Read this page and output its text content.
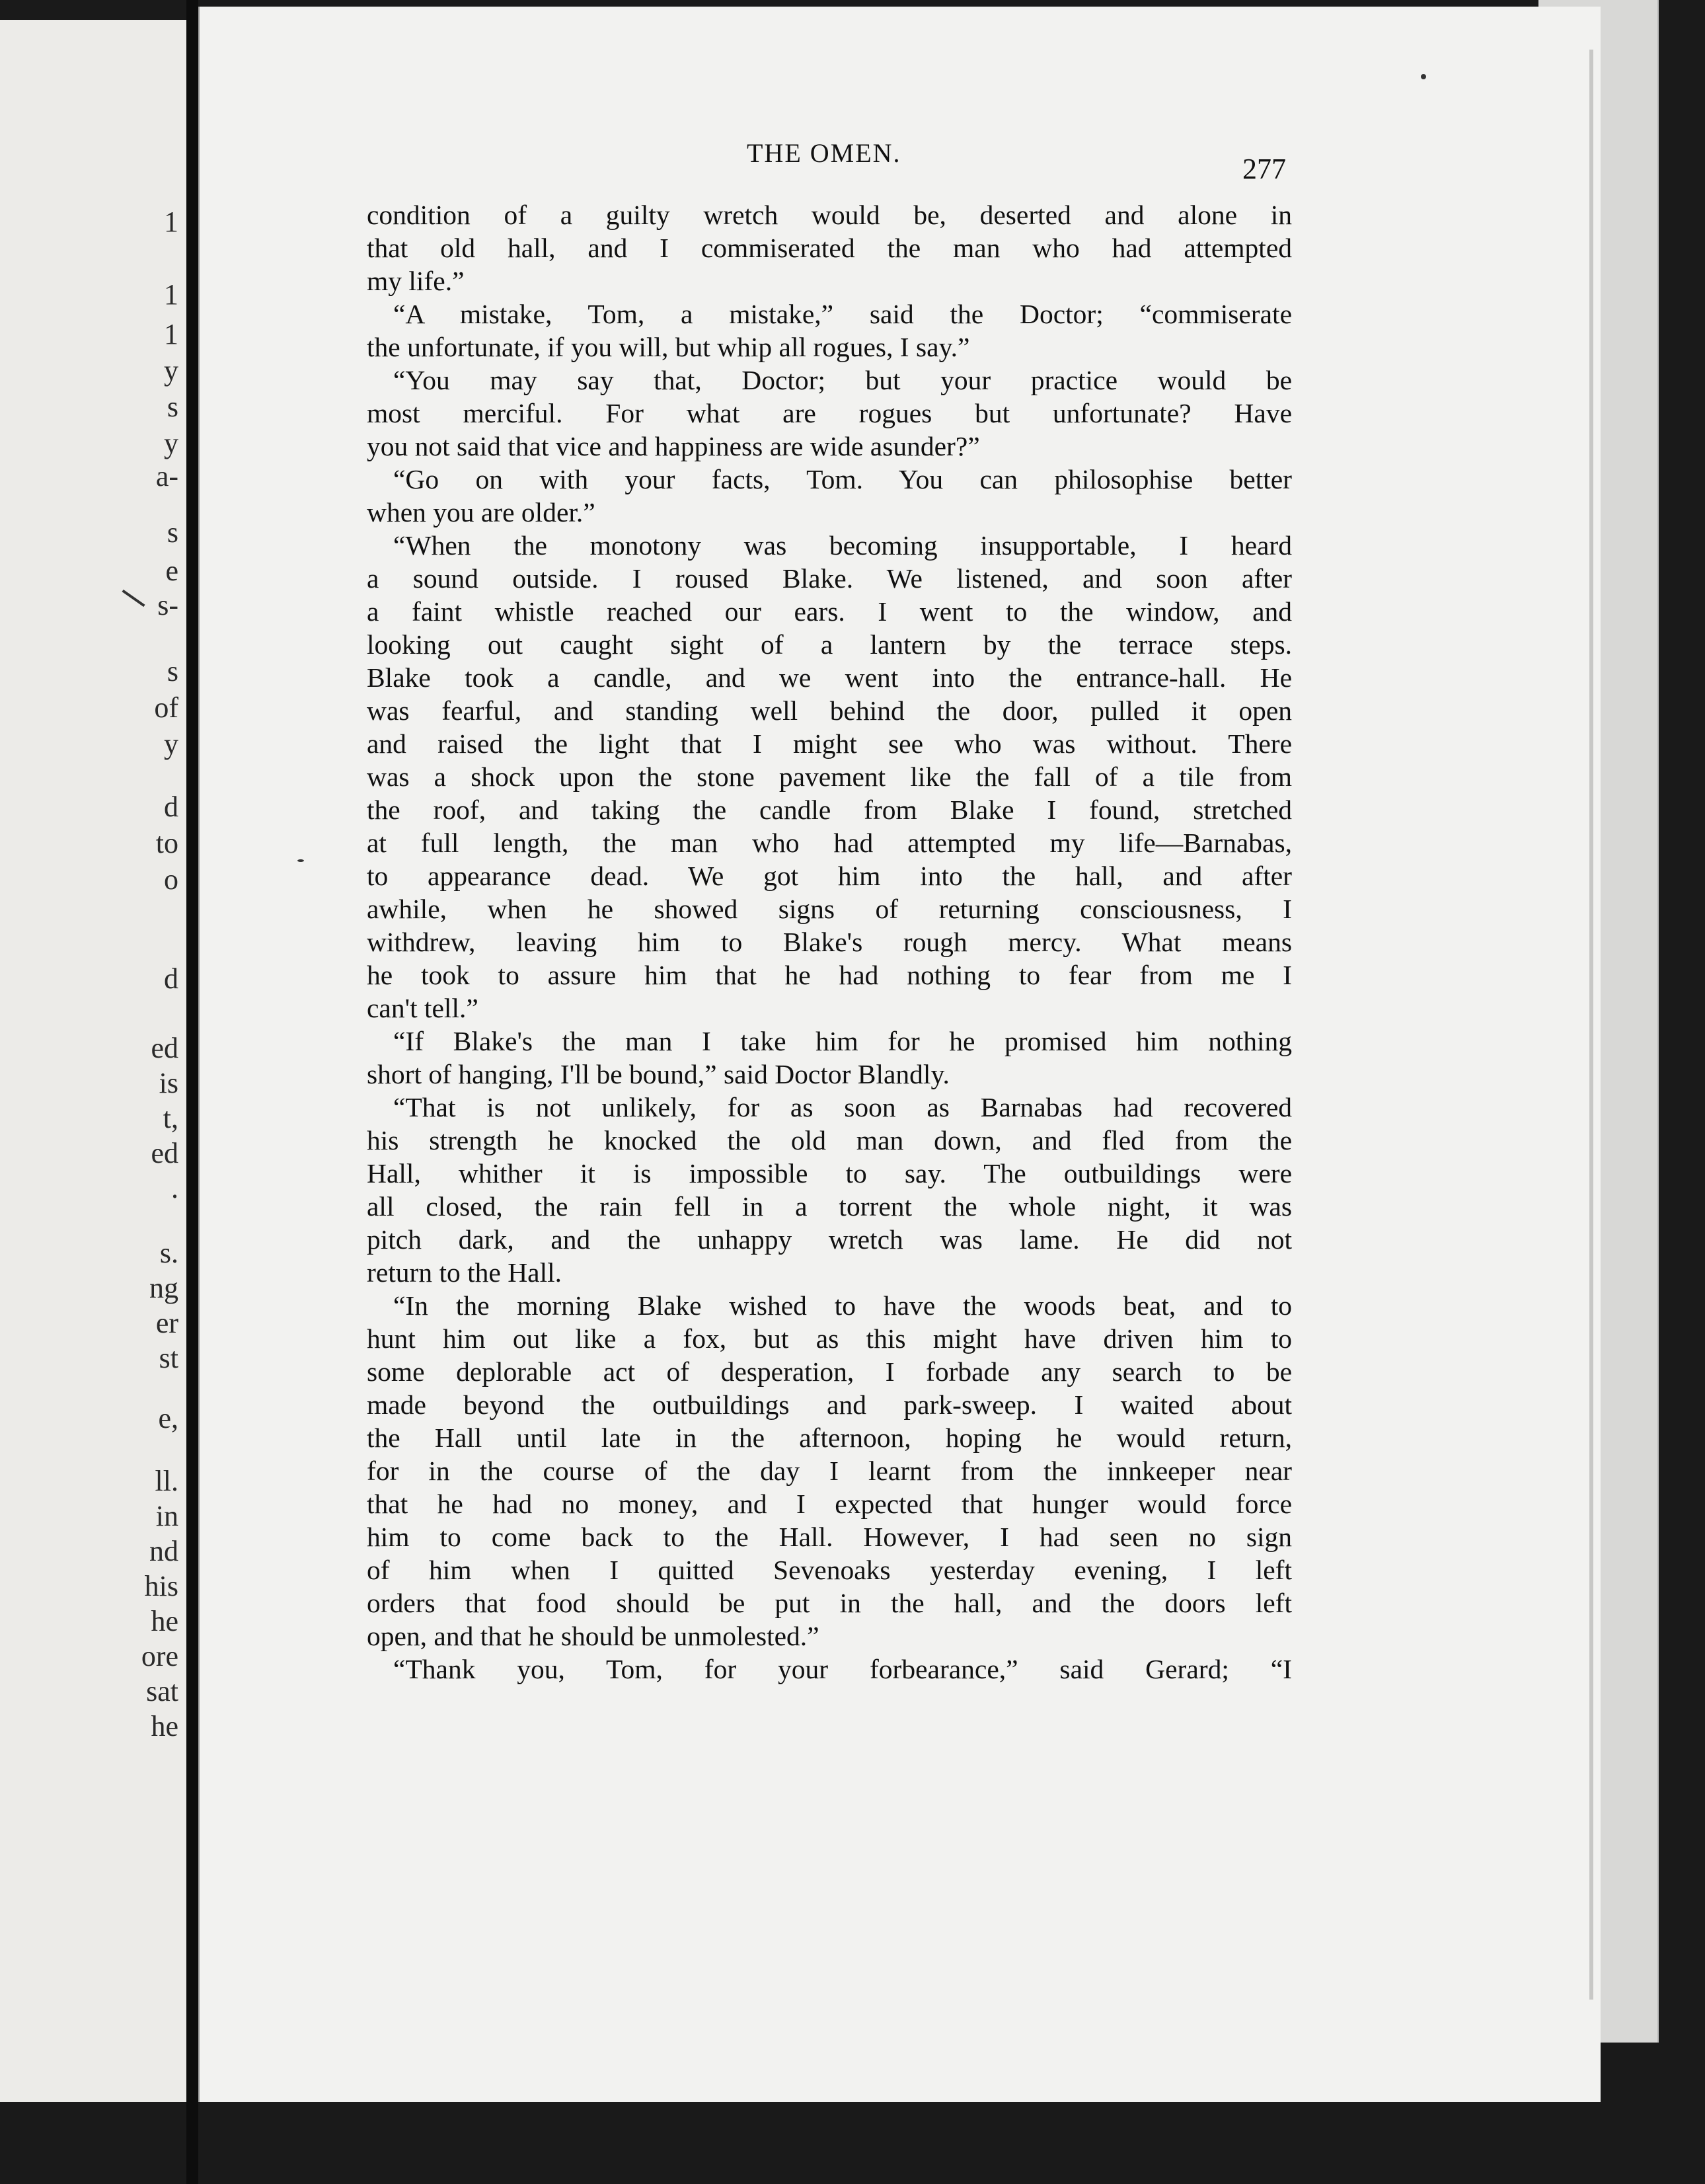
1
1
1
y
s
y
a-
s
e
s-
s
of
y
d
to
o
d
ed
is
t,
ed
.
s.
ng
er
st
e,
ll.
in
nd
his
he
ore
sat
he
THE OMEN.	277
condition of a guilty wretch would be, deserted and alone in
that old hall, and I commiserated the man who had attempted
my life.”
“A mistake, Tom, a mistake,” said the Doctor; “commiserate
the unfortunate, if you will, but whip all rogues, I say.”
“You may say that, Doctor; but your practice would be
most merciful. For what are rogues but unfortunate? Have
you not said that vice and happiness are wide asunder?”
“Go on with your facts, Tom. You can philosophise better
when you are older.”
“When the monotony was becoming insupportable, I heard
a sound outside. I roused Blake. We listened, and soon after
a faint whistle reached our ears. I went to the window, and
looking out caught sight of a lantern by the terrace steps.
Blake took a candle, and we went into the entrance-hall. He
was fearful, and standing well behind the door, pulled it open
and raised the light that I might see who was without. There
was a shock upon the stone pavement like the fall of a tile from
the roof, and taking the candle from Blake I found, stretched
at full length, the man who had attempted my life—Barnabas,
to appearance dead. We got him into the hall, and after
awhile, when he showed signs of returning consciousness, I
withdrew, leaving him to Blake's rough mercy. What means
he took to assure him that he had nothing to fear from me I
can't tell.”
“If Blake's the man I take him for he promised him nothing
short of hanging, I'll be bound,” said Doctor Blandly.
“That is not unlikely, for as soon as Barnabas had recovered
his strength he knocked the old man down, and fled from the
Hall, whither it is impossible to say. The outbuildings were
all closed, the rain fell in a torrent the whole night, it was
pitch dark, and the unhappy wretch was lame. He did not
return to the Hall.
“In the morning Blake wished to have the woods beat, and to
hunt him out like a fox, but as this might have driven him to
some deplorable act of desperation, I forbade any search to be
made beyond the outbuildings and park-sweep. I waited about
the Hall until late in the afternoon, hoping he would return,
for in the course of the day I learnt from the innkeeper near
that he had no money, and I expected that hunger would force
him to come back to the Hall. However, I had seen no sign
of him when I quitted Sevenoaks yesterday evening, I left
orders that food should be put in the hall, and the doors left
open, and that he should be unmolested.”
“Thank you, Tom, for your forbearance,” said Gerard; “I
